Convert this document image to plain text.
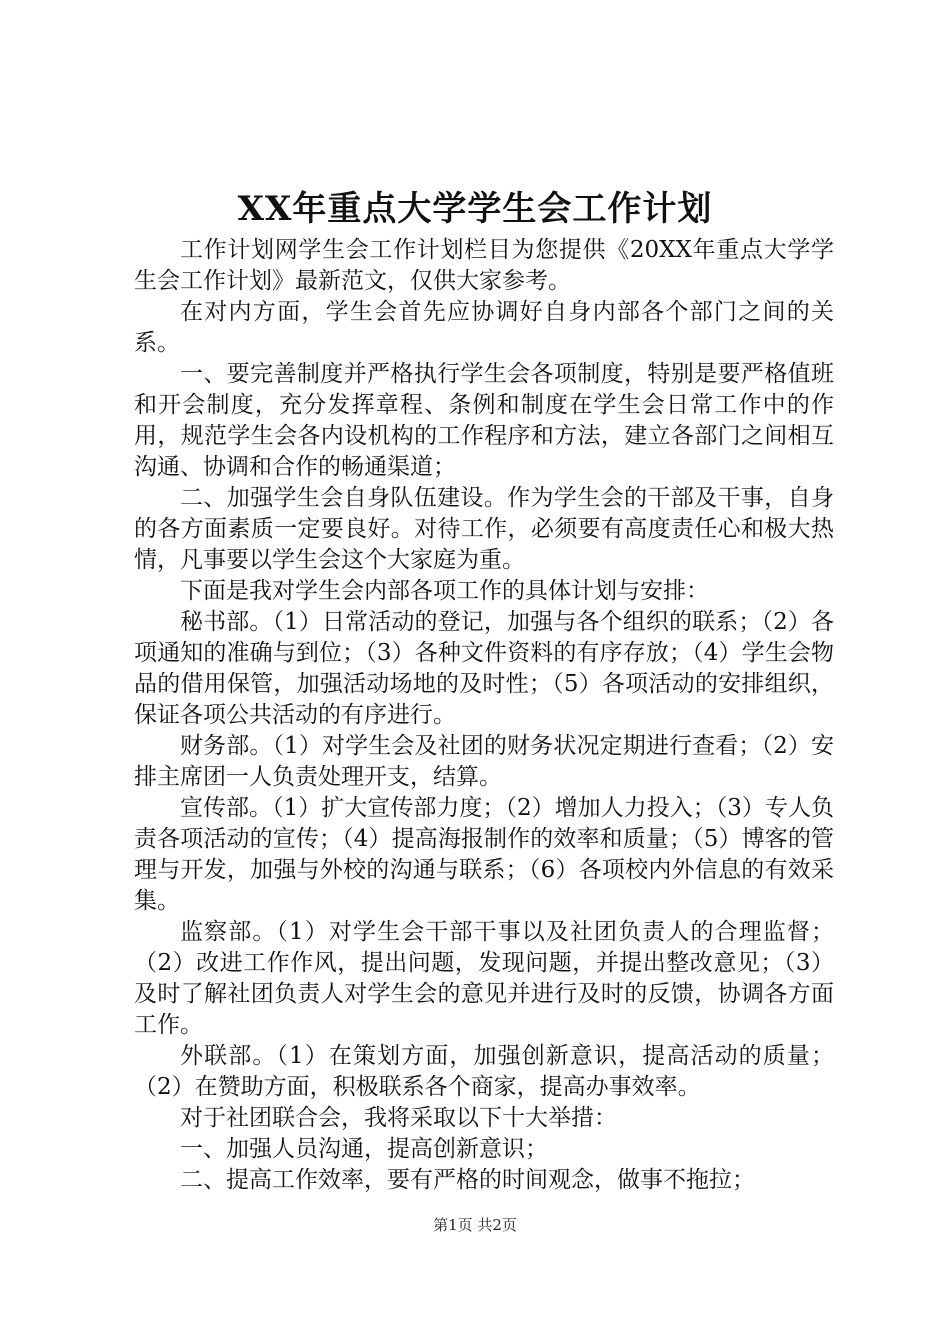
XX年重点大学学生会工作计划

工作计划网学生会工作计划栏目为您提供《20XX年重点大学学生会工作计划》最新范文，仅供大家参考。

在对内方面，学生会首先应协调好自身内部各个部门之间的关系。

一、要完善制度并严格执行学生会各项制度，特别是要严格值班和开会制度，充分发挥章程、条例和制度在学生会日常工作中的作用，规范学生会各内设机构的工作程序和方法，建立各部门之间相互沟通、协调和合作的畅通渠道；

二、加强学生会自身队伍建设。作为学生会的干部及干事，自身的各方面素质一定要良好。对待工作，必须要有高度责任心和极大热情，凡事要以学生会这个大家庭为重。

下面是我对学生会内部各项工作的具体计划与安排：

秘书部。（1）日常活动的登记，加强与各个组织的联系；（2）各项通知的准确与到位；（3）各种文件资料的有序存放；（4）学生会物品的借用保管，加强活动场地的及时性；（5）各项活动的安排组织，保证各项公共活动的有序进行。

财务部。（1）对学生会及社团的财务状况定期进行查看；（2）安排主席团一人负责处理开支，结算。

宣传部。（1）扩大宣传部力度；（2）增加人力投入；（3）专人负责各项活动的宣传；（4）提高海报制作的效率和质量；（5）博客的管理与开发，加强与外校的沟通与联系；（6）各项校内外信息的有效采集。

监察部。（1）对学生会干部干事以及社团负责人的合理监督；（2）改进工作作风，提出问题，发现问题，并提出整改意见；（3）及时了解社团负责人对学生会的意见并进行及时的反馈，协调各方面工作。

外联部。（1）在策划方面，加强创新意识，提高活动的质量；（2）在赞助方面，积极联系各个商家，提高办事效率。

对于社团联合会，我将采取以下十大举措：

一、加强人员沟通，提高创新意识；

二、提高工作效率，要有严格的时间观念，做事不拖拉；

第1页 共2页
